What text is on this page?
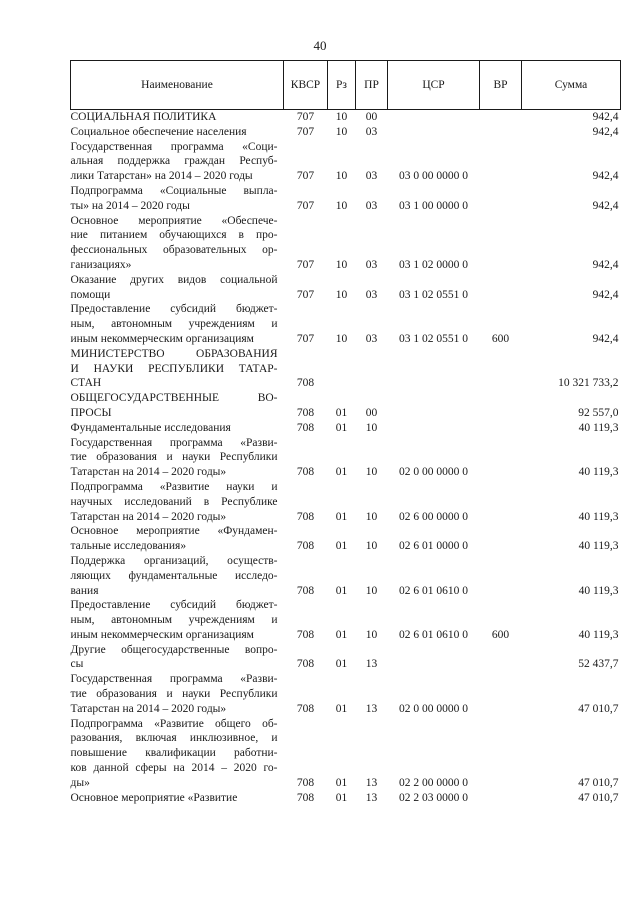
40
Наименование	КВСР	Рз	ПР	ЦСР	ВР	Сумма

СОЦИАЛЬНАЯ ПОЛИТИКА	707	10	00			942,4

Социальное обеспечение населения	707	10	03			942,4

Государственная программа «Соци-
альная поддержка граждан Респуб-
лики Татарстан» на 2014 – 2020 годы	707	10	03	03 0 00 0000 0		942,4

Подпрограмма «Социальные выпла-
ты» на 2014 – 2020 годы	707	10	03	03 1 00 0000 0		942,4

Основное мероприятие «Обеспече-
ние питанием обучающихся в про-
фессиональных образовательных ор-
ганизациях»	707	10	03	03 1 02 0000 0		942,4

Оказание других видов социальной
помощи	707	10	03	03 1 02 0551 0		942,4

Предоставление субсидий бюджет-
ным, автономным учреждениям и
иным некоммерческим организациям	707	10	03	03 1 02 0551 0	600	942,4

МИНИСТЕРСТВО ОБРАЗОВАНИЯ
И НАУКИ РЕСПУБЛИКИ ТАТАР-
СТАН	708					10 321 733,2

ОБЩЕГОСУДАРСТВЕННЫЕ ВО-
ПРОСЫ	708	01	00			92 557,0

Фундаментальные исследования	708	01	10			40 119,3

Государственная программа «Разви-
тие образования и науки Республики
Татарстан на 2014 – 2020 годы»	708	01	10	02 0 00 0000 0		40 119,3

Подпрограмма «Развитие науки и
научных исследований в Республике
Татарстан на 2014 – 2020 годы»	708	01	10	02 6 00 0000 0		40 119,3

Основное мероприятие «Фундамен-
тальные исследования»	708	01	10	02 6 01 0000 0		40 119,3

Поддержка организаций, осуществ-
ляющих фундаментальные исследо-
вания	708	01	10	02 6 01 0610 0		40 119,3

Предоставление субсидий бюджет-
ным, автономным учреждениям и
иным некоммерческим организациям	708	01	10	02 6 01 0610 0	600	40 119,3

Другие общегосударственные вопро-
сы	708	01	13			52 437,7

Государственная программа «Разви-
тие образования и науки Республики
Татарстан на 2014 – 2020 годы»	708	01	13	02 0 00 0000 0		47 010,7

Подпрограмма «Развитие общего об-
разования, включая инклюзивное, и
повышение квалификации работни-
ков данной сферы на 2014 – 2020 го-
ды»	708	01	13	02 2 00 0000 0		47 010,7

Основное мероприятие «Развитие	708	01	13	02 2 03 0000 0		47 010,7
